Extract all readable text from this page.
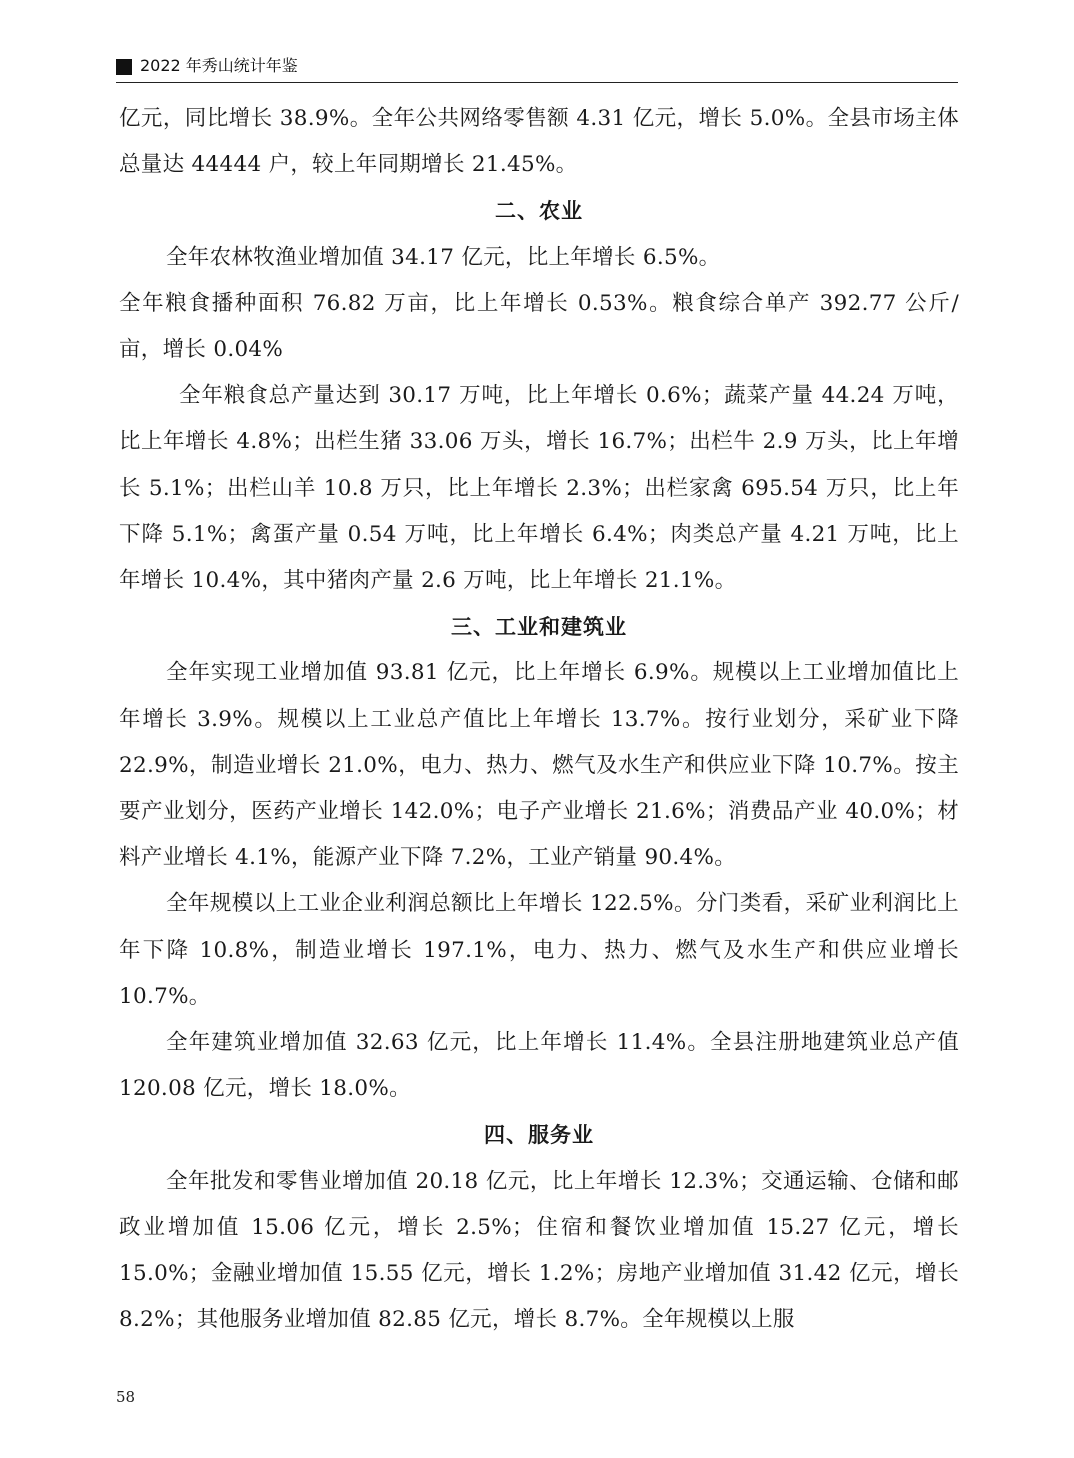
2022 年秀山统计年鉴

亿元，同比增长 38.9%。全年公共网络零售额 4.31 亿元，增长 5.0%。全县市场主体总量达 44444 户，较上年同期增长 21.45%。

二、农业

全年农林牧渔业增加值 34.17 亿元，比上年增长 6.5%。

全年粮食播种面积 76.82 万亩，比上年增长 0.53%。粮食综合单产 392.77 公斤/亩，增长 0.04%

全年粮食总产量达到 30.17 万吨，比上年增长 0.6%；蔬菜产量 44.24 万吨，比上年增长 4.8%；出栏生猪 33.06 万头，增长 16.7%；出栏牛 2.9 万头，比上年增长 5.1%；出栏山羊 10.8 万只，比上年增长 2.3%；出栏家禽 695.54 万只，比上年下降 5.1%；禽蛋产量 0.54 万吨，比上年增长 6.4%；肉类总产量 4.21 万吨，比上年增长 10.4%，其中猪肉产量 2.6 万吨，比上年增长 21.1%。

三、工业和建筑业

全年实现工业增加值 93.81 亿元，比上年增长 6.9%。规模以上工业增加值比上年增长 3.9%。规模以上工业总产值比上年增长 13.7%。按行业划分，采矿业下降 22.9%，制造业增长 21.0%，电力、热力、燃气及水生产和供应业下降 10.7%。按主要产业划分，医药产业增长 142.0%；电子产业增长 21.6%；消费品产业 40.0%；材料产业增长 4.1%，能源产业下降 7.2%，工业产销量 90.4%。

全年规模以上工业企业利润总额比上年增长 122.5%。分门类看，采矿业利润比上年下降 10.8%，制造业增长 197.1%，电力、热力、燃气及水生产和供应业增长 10.7%。

全年建筑业增加值 32.63 亿元，比上年增长 11.4%。全县注册地建筑业总产值 120.08 亿元，增长 18.0%。

四、服务业

全年批发和零售业增加值 20.18 亿元，比上年增长 12.3%；交通运输、仓储和邮政业增加值 15.06 亿元，增长 2.5%；住宿和餐饮业增加值 15.27 亿元，增长 15.0%；金融业增加值 15.55 亿元，增长 1.2%；房地产业增加值 31.42 亿元，增长 8.2%；其他服务业增加值 82.85 亿元，增长 8.7%。全年规模以上服

58
